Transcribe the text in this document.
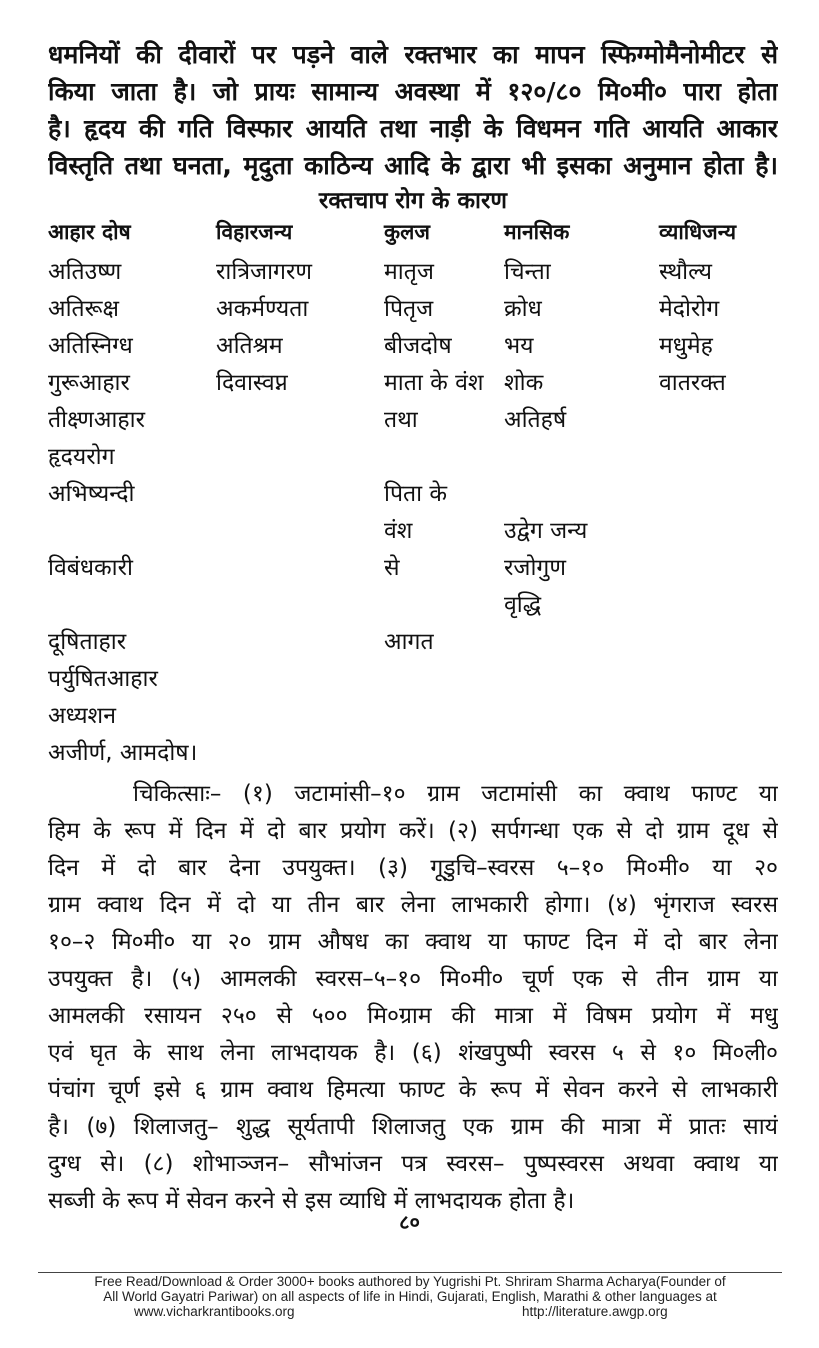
धमनियों की दीवारों पर पड़ने वाले रक्तभार का मापन स्फिग्मोमैनोमीटर से
किया जाता है। जो प्रायः सामान्य अवस्था में १२०/८० मि०मी० पारा होता
है। हृदय की गति विस्फार आयति तथा नाड़ी के विधमन गति आयति आकार
विस्तृति तथा घनता, मृदुता काठिन्य आदि के द्वारा भी इसका अनुमान होता है।

रक्तचाप रोग के कारण

आहार दोष	विहारजन्य	कुलज	मानसिक	व्याधिजन्य
अतिउष्ण	रात्रिजागरण	मातृज	चिन्ता	स्थौल्य
अतिरूक्ष	अकर्मण्यता	पितृज	क्रोध	मेदोरोग
अतिस्निग्ध	अतिश्रम	बीजदोष	भय	मधुमेह
गुरूआहार	दिवास्वप्न	माता के वंश	शोक	वातरक्त
तीक्ष्णआहार		तथा	अतिहर्ष	
हृदयरोग				
अभिष्यन्दी		पिता के		
		वंश	उद्वेग जन्य	
विबंधकारी		से	रजोगुण	
			वृद्धि	
दूषिताहार		आगत		
पर्युषितआहार				
अध्यशन				
अजीर्ण, आमदोष।				
चिकित्साः– (१) जटामांसी–१० ग्राम जटामांसी का क्वाथ फाण्ट या
हिम के रूप में दिन में दो बार प्रयोग करें। (२) सर्पगन्धा एक से दो ग्राम दूध से
दिन में दो बार देना उपयुक्त। (३) गूडुचि–स्वरस ५–१० मि०मी० या २०
ग्राम क्वाथ दिन में दो या तीन बार लेना लाभकारी होगा। (४) भृंगराज स्वरस
१०–२ मि०मी० या २० ग्राम औषध का क्वाथ या फाण्ट दिन में दो बार लेना
उपयुक्त है। (५) आमलकी स्वरस–५–१० मि०मी० चूर्ण एक से तीन ग्राम या
आमलकी रसायन २५० से ५०० मि०ग्राम की मात्रा में विषम प्रयोग में मधु
एवं घृत के साथ लेना लाभदायक है। (६) शंखपुष्पी स्वरस ५ से १० मि०ली०
पंचांग चूर्ण इसे ६ ग्राम क्वाथ हिमत्या फाण्ट के रूप में सेवन करने से लाभकारी
है। (७) शिलाजतु– शुद्ध सूर्यतापी शिलाजतु एक ग्राम की मात्रा में प्रातः सायं
दुग्ध से। (८) शोभाञ्जन– सौभांजन पत्र स्वरस– पुष्पस्वरस अथवा क्वाथ या
सब्जी के रूप में सेवन करने से इस व्याधि में लाभदायक होता है।
८०
Free Read/Download & Order 3000+ books authored by Yugrishi Pt. Shriram Sharma Acharya(Founder of
All World Gayatri Pariwar) on all aspects of life in Hindi, Gujarati, English, Marathi & other languages at
www.vicharkrantibooks.org	http://literature.awgp.org
